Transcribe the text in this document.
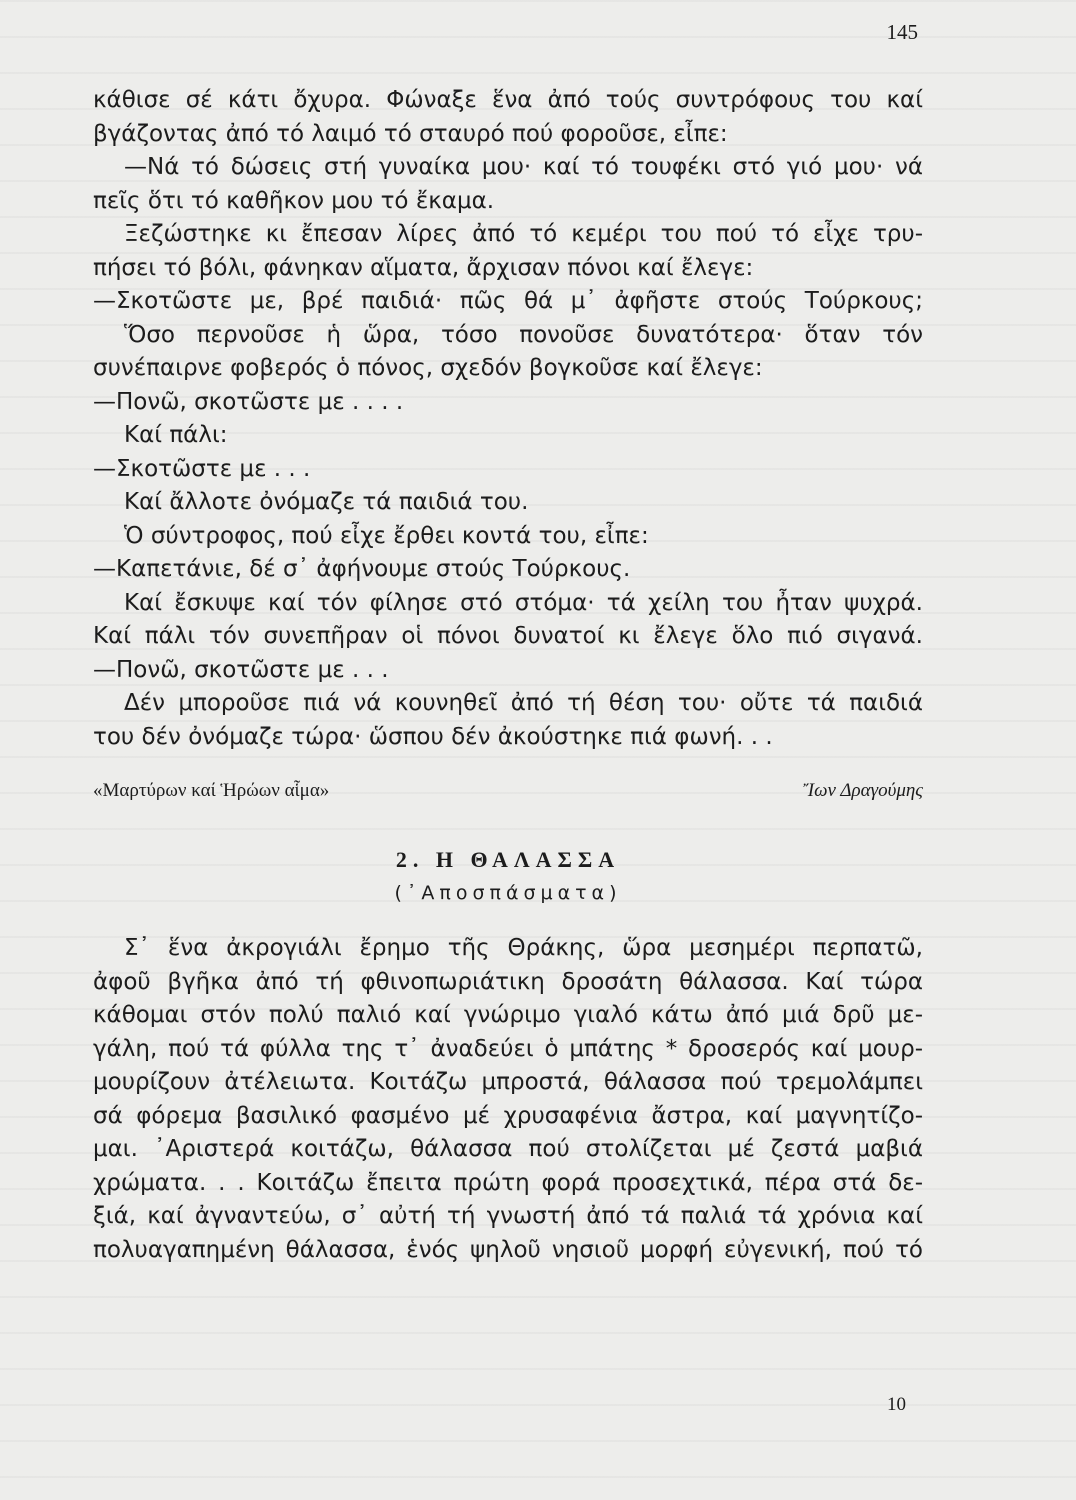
145
κάθισε σέ κάτι ὄχυρα. Φώναξε ἕνα ἀπό τούς συντρόφους του καί
βγάζοντας ἀπό τό λαιμό τό σταυρό πού φοροῦσε, εἶπε:
—Νά τό δώσεις στή γυναίκα μου· καί τό τουφέκι στό γιό μου· νά
πεῖς ὅτι τό καθῆκον μου τό ἔκαμα.
Ξεζώστηκε κι ἔπεσαν λίρες ἀπό τό κεμέρι του πού τό εἶχε τρυ-
πήσει τό βόλι, φάνηκαν αἵματα, ἄρχισαν πόνοι καί ἔλεγε:
—Σκοτῶστε με, βρέ παιδιά· πῶς θά μ᾽ ἀφῆστε στούς Τούρκους;
Ὅσο περνοῦσε ἡ ὥρα, τόσο πονοῦσε δυνατότερα· ὅταν τόν
συνέπαιρνε φοβερός ὁ πόνος, σχεδόν βογκοῦσε καί ἔλεγε:
—Πονῶ, σκοτῶστε με . . . .
Καί πάλι:
—Σκοτῶστε με . . .
Καί ἄλλοτε ὀνόμαζε τά παιδιά του.
Ὁ σύντροφος, πού εἶχε ἔρθει κοντά του, εἶπε:
—Καπετάνιε, δέ σ᾽ ἀφήνουμε στούς Τούρκους.
Καί ἔσκυψε καί τόν φίλησε στό στόμα· τά χείλη του ἦταν ψυχρά.
Καί πάλι τόν συνεπῆραν οἱ πόνοι δυνατοί κι ἔλεγε ὅλο πιό σιγανά.
—Πονῶ, σκοτῶστε με . . .
Δέν μποροῦσε πιά νά κουνηθεῖ ἀπό τή θέση του· οὔτε τά παιδιά
του δέν ὀνόμαζε τώρα· ὥσπου δέν ἀκούστηκε πιά φωνή. . .
«Μαρτύρων καί Ἡρώων αἷμα»	Ἴων Δραγούμης
2. Η ΘΑΛΑΣΣΑ
(᾽Αποσπάσματα)
Σ᾽ ἕνα ἀκρογιάλι ἔρημο τῆς Θράκης, ὥρα μεσημέρι περπατῶ,
ἀφοῦ βγῆκα ἀπό τή φθινοπωριάτικη δροσάτη θάλασσα. Καί τώρα
κάθομαι στόν πολύ παλιό καί γνώριμο γιαλό κάτω ἀπό μιά δρῦ με-
γάλη, πού τά φύλλα της τ᾽ ἀναδεύει ὁ μπάτης * δροσερός καί μουρ-
μουρίζουν ἀτέλειωτα. Κοιτάζω μπροστά, θάλασσα πού τρεμολάμπει
σά φόρεμα βασιλικό φασμένο μέ χρυσαφένια ἄστρα, καί μαγνητίζο-
μαι. ᾽Αριστερά κοιτάζω, θάλασσα πού στολίζεται μέ ζεστά μαβιά
χρώματα. . . Κοιτάζω ἔπειτα πρώτη φορά προσεχτικά, πέρα στά δε-
ξιά, καί ἀγναντεύω, σ᾽ αὐτή τή γνωστή ἀπό τά παλιά τά χρόνια καί
πολυαγαπημένη θάλασσα, ἑνός ψηλοῦ νησιοῦ μορφή εὐγενική, πού τό
10
